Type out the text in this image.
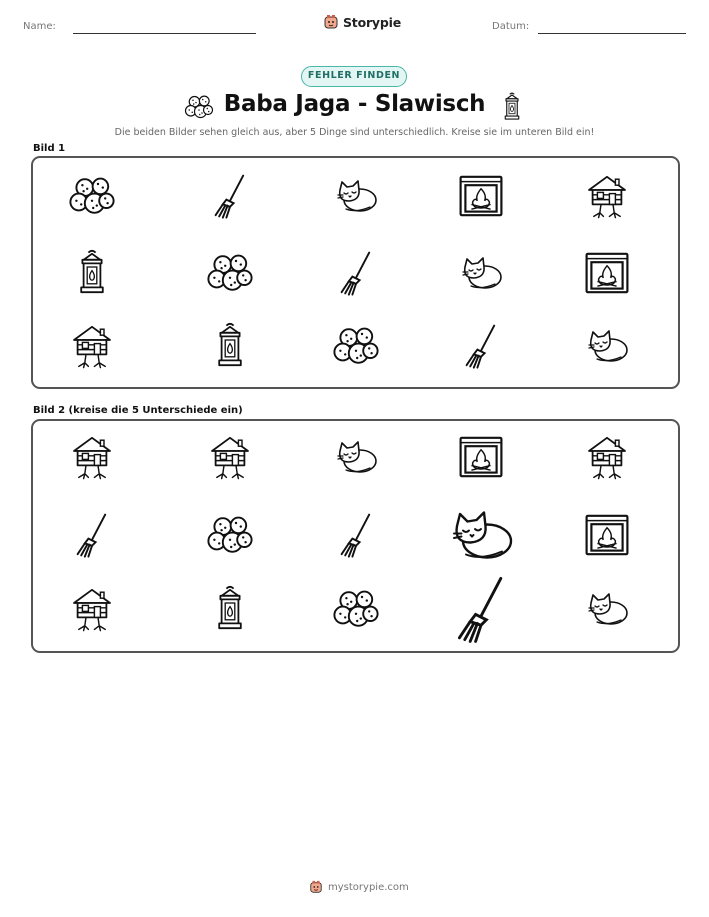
Name:	Storypie	Datum:
FEHLER FINDEN
Baba Jaga - Slawisch
Die beiden Bilder sehen gleich aus, aber 5 Dinge sind unterschiedlich. Kreise sie im unteren Bild ein!
Bild 1
Bild 2 (kreise die 5 Unterschiede ein)
mystorypie.com
